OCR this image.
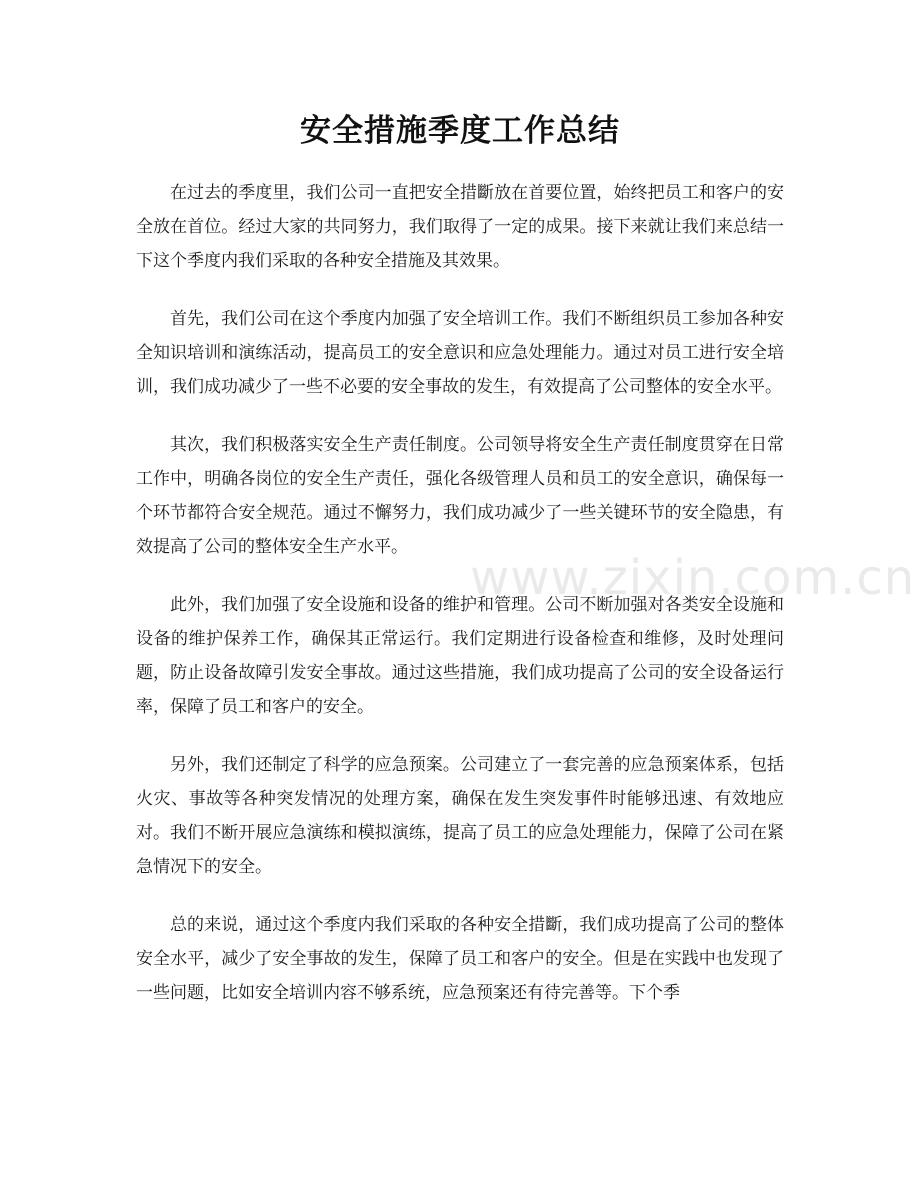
安全措施季度工作总结

在过去的季度里，我们公司一直把安全措斷放在首要位置，始终把员工和客户的安全放在首位。经过大家的共同努力，我们取得了一定的成果。接下来就让我们来总结一下这个季度内我们采取的各种安全措施及其效果。

首先，我们公司在这个季度内加强了安全培训工作。我们不断组织员工参加各种安全知识培训和演练活动，提高员工的安全意识和应急处理能力。通过对员工进行安全培训，我们成功减少了一些不必要的安全事故的发生，有效提高了公司整体的安全水平。

其次，我们积极落实安全生产责任制度。公司领导将安全生产责任制度贯穿在日常工作中，明确各岗位的安全生产责任，强化各级管理人员和员工的安全意识，确保每一个环节都符合安全规范。通过不懈努力，我们成功减少了一些关键环节的安全隐患，有效提高了公司的整体安全生产水平。

此外，我们加强了安全设施和设备的维护和管理。公司不断加强对各类安全设施和设备的维护保养工作，确保其正常运行。我们定期进行设备检查和维修，及时处理问题，防止设备故障引发安全事故。通过这些措施，我们成功提高了公司的安全设备运行率，保障了员工和客户的安全。

另外，我们还制定了科学的应急预案。公司建立了一套完善的应急预案体系，包括火灾、事故等各种突发情况的处理方案，确保在发生突发事件时能够迅速、有效地应对。我们不断开展应急演练和模拟演练，提高了员工的应急处理能力，保障了公司在紧急情况下的安全。

总的来说，通过这个季度内我们采取的各种安全措斷，我们成功提高了公司的整体安全水平，减少了安全事故的发生，保障了员工和客户的安全。但是在实践中也发现了一些问题，比如安全培训内容不够系统，应急预案还有待完善等。下个季

www.zixin.com.cn
